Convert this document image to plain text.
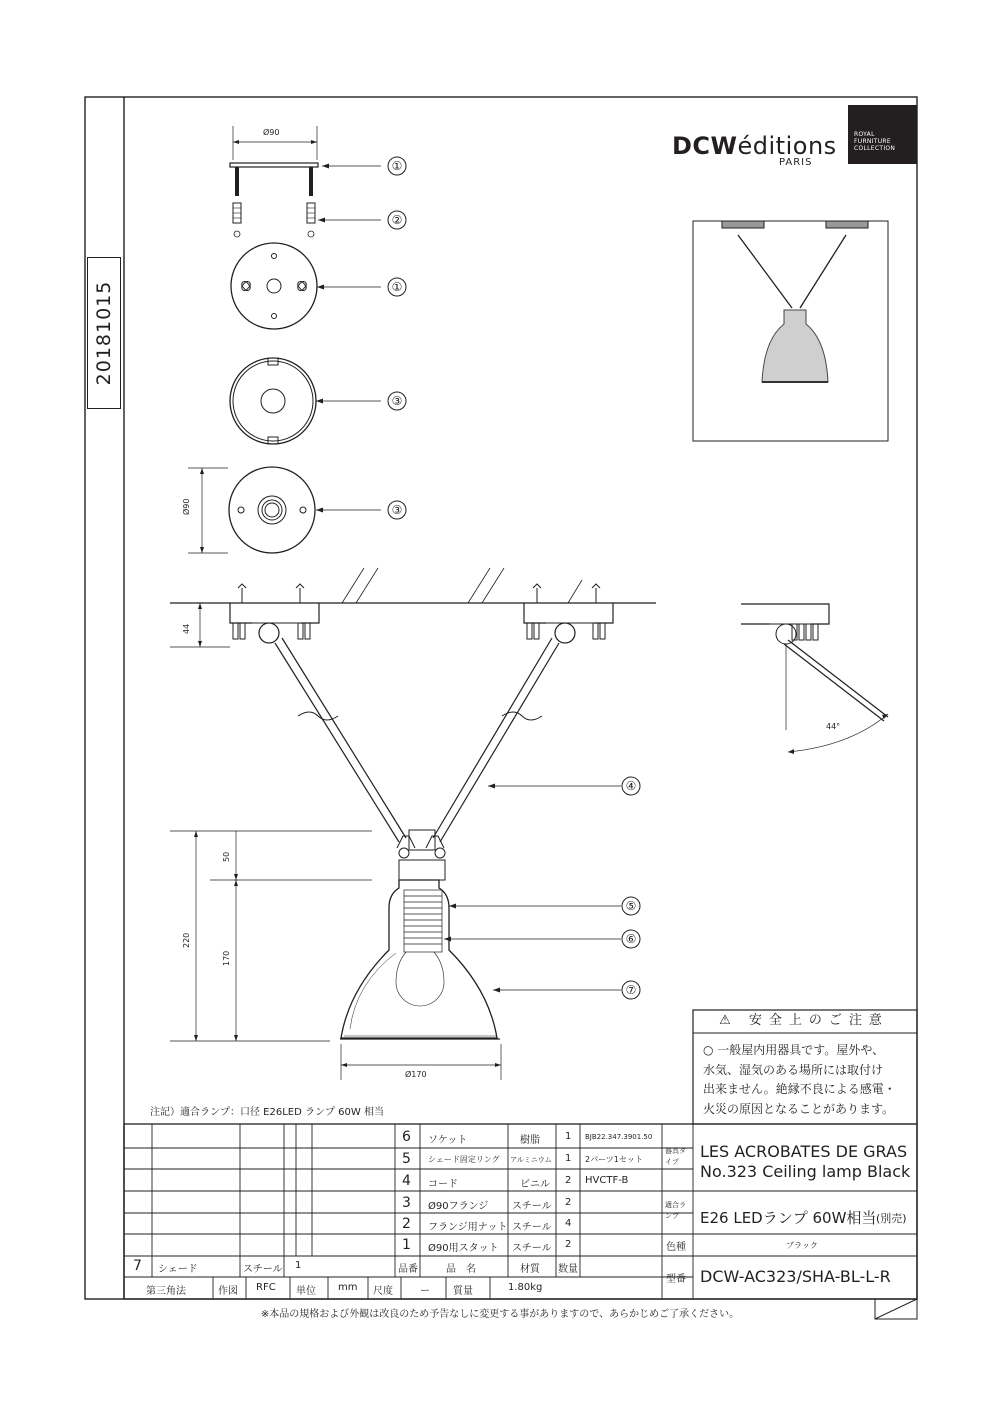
20181015
DCWéditions
PARIS
ROYAL
FURNITURE
COLLECTION
①
②
①
③
③
④
⑤
⑥
⑦
Ø90
Ø90
44
220
50
170
Ø170
44°
⚠ 安全上のご注意
○ 一般屋内用器具です。屋外や、
水気、湿気のある場所には取付け
出来ません。絶縁不良による感電・
火災の原因となることがあります。
注記）適合ランプ：口径 E26LED ランプ 60W 相当
6 ソケット	樹脂	1 BJB22.347.3901.50
5 シェード固定リング アルミニウム 1 2パーツ1セット
4 コード	ビニル 2 HVCTF-B
3 Ø90フランジ スチール 2
2 フランジ用ナット スチール 4
1 Ø90用スタット スチール 2
7 シェード	スチール 1	品番	品　名	材質 数量
第三角法	作図 RFC 単位 mm 尺度	ー 質量	1.80kg
器具タイプ
LES ACROBATES DE GRAS
No.323 Ceiling lamp Black
適合ランプ	E26 LEDランプ 60W相当 (別売)
色種	ブラック
型番 DCW-AC323/SHA-BL-L-R
※本品の規格および外観は改良のため予告なしに変更する事がありますので、あらかじめご了承ください。
